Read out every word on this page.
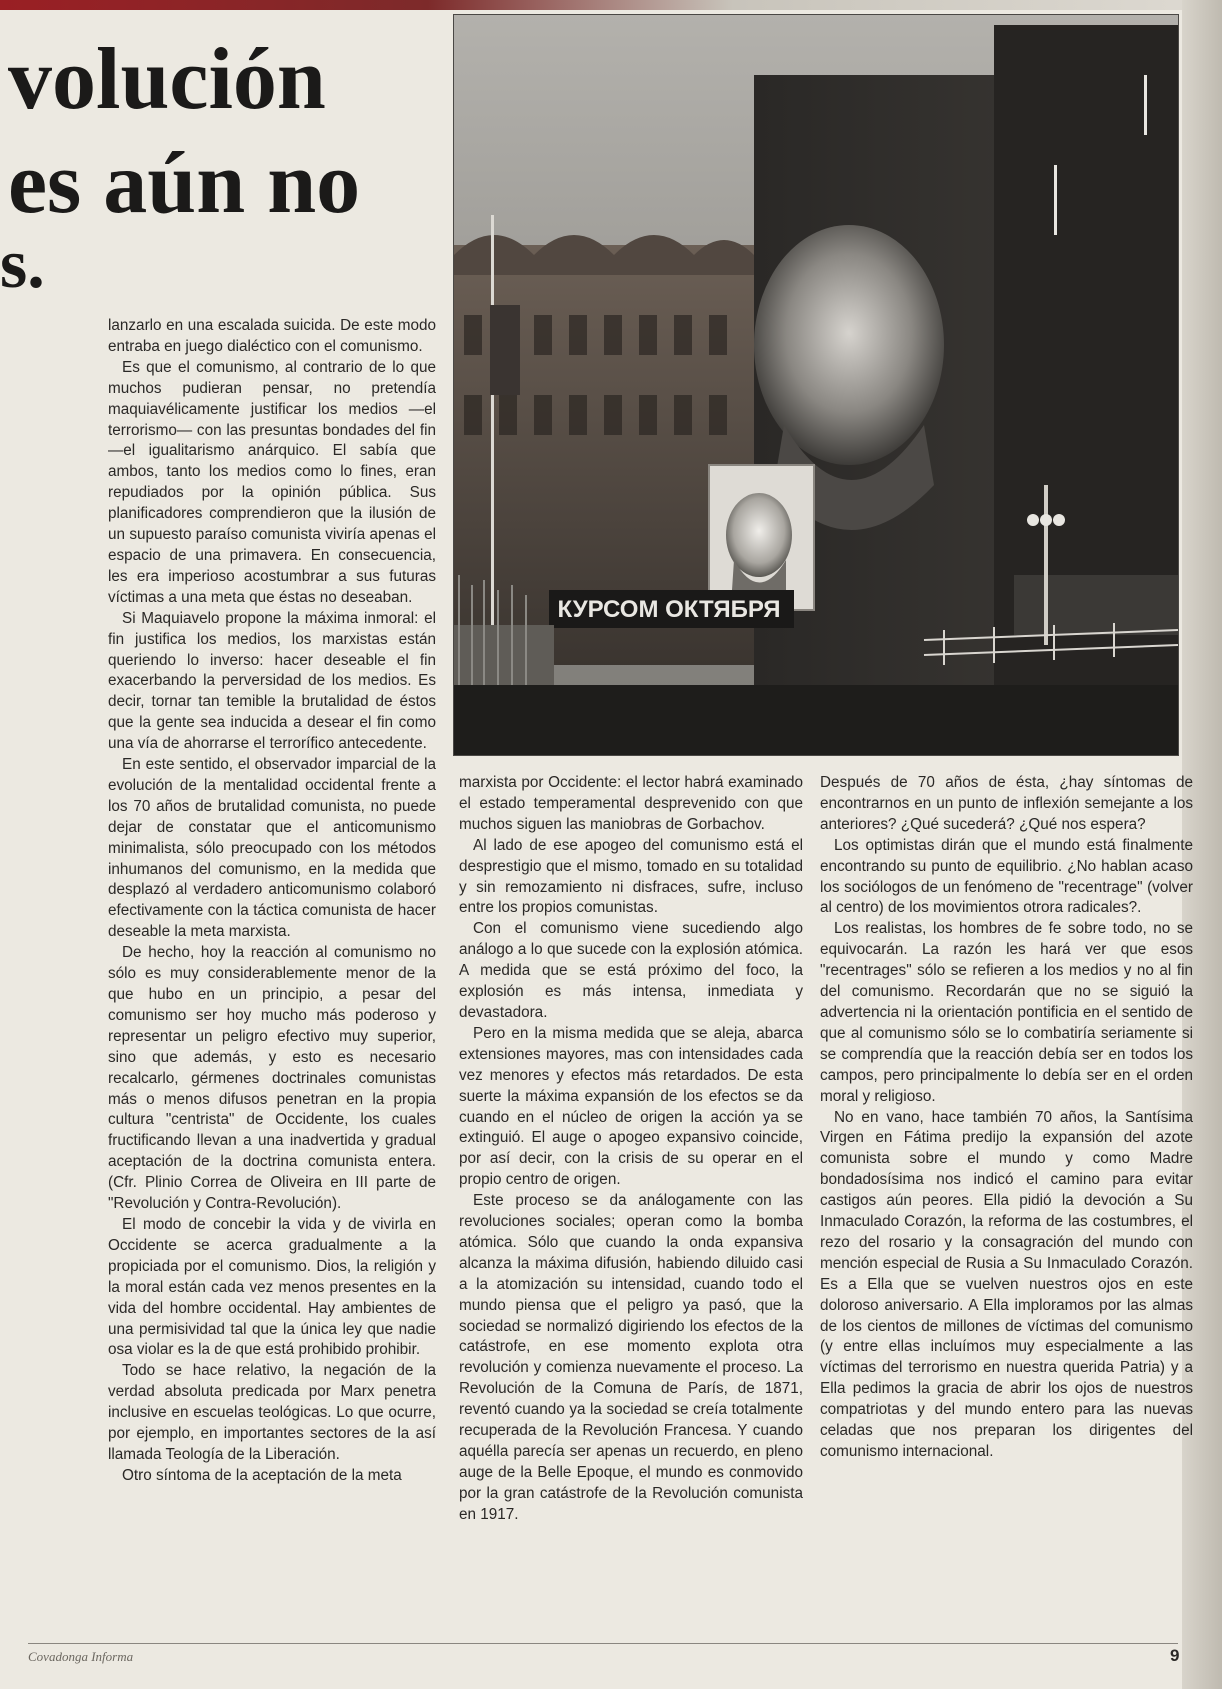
volución
es aún no
s.
КУРСОМ ОКТЯБРЯ

lanzarlo en una escalada suicida. De este modo entraba en juego dialéctico con el comunismo.

Es que el comunismo, al contrario de lo que muchos pudieran pensar, no pretendía maquiavélicamente justificar los medios —el terrorismo— con las presuntas bondades del fin —el igualitarismo anárquico. El sabía que ambos, tanto los medios como lo fines, eran repudiados por la opinión pública. Sus planificadores comprendieron que la ilusión de un supuesto paraíso comunista viviría apenas el espacio de una primavera. En consecuencia, les era imperioso acostumbrar a sus futuras víctimas a una meta que éstas no deseaban.

Si Maquiavelo propone la máxima inmoral: el fin justifica los medios, los marxistas están queriendo lo inverso: hacer deseable el fin exacerbando la perversidad de los medios. Es decir, tornar tan temible la brutalidad de éstos que la gente sea inducida a desear el fin como una vía de ahorrarse el terrorífico antecedente.

En este sentido, el observador imparcial de la evolución de la mentalidad occidental frente a los 70 años de brutalidad comunista, no puede dejar de constatar que el anticomunismo minimalista, sólo preocupado con los métodos inhumanos del comunismo, en la medida que desplazó al verdadero anticomunismo colaboró efectivamente con la táctica comunista de hacer deseable la meta marxista.

De hecho, hoy la reacción al comunismo no sólo es muy considerablemente menor de la que hubo en un principio, a pesar del comunismo ser hoy mucho más poderoso y representar un peligro efectivo muy superior, sino que además, y esto es necesario recalcarlo, gérmenes doctrinales comunistas más o menos difusos penetran en la propia cultura "centrista" de Occidente, los cuales fructificando llevan a una inadvertida y gradual aceptación de la doctrina comunista entera. (Cfr. Plinio Correa de Oliveira en III parte de "Revolución y Contra-Revolución).

El modo de concebir la vida y de vivirla en Occidente se acerca gradualmente a la propiciada por el comunismo. Dios, la religión y la moral están cada vez menos presentes en la vida del hombre occidental. Hay ambientes de una permisividad tal que la única ley que nadie osa violar es la de que está prohibido prohibir.

Todo se hace relativo, la negación de la verdad absoluta predicada por Marx penetra inclusive en escuelas teológicas. Lo que ocurre, por ejemplo, en importantes sectores de la así llamada Teología de la Liberación.

Otro síntoma de la aceptación de la meta

marxista por Occidente: el lector habrá examinado el estado temperamental desprevenido con que muchos siguen las maniobras de Gorbachov.

Al lado de ese apogeo del comunismo está el desprestigio que el mismo, tomado en su totalidad y sin remozamiento ni disfraces, sufre, incluso entre los propios comunistas.

Con el comunismo viene sucediendo algo análogo a lo que sucede con la explosión atómica. A medida que se está próximo del foco, la explosión es más intensa, inmediata y devastadora.

Pero en la misma medida que se aleja, abarca extensiones mayores, mas con intensidades cada vez menores y efectos más retardados. De esta suerte la máxima expansión de los efectos se da cuando en el núcleo de origen la acción ya se extinguió. El auge o apogeo expansivo coincide, por así decir, con la crisis de su operar en el propio centro de origen.

Este proceso se da análogamente con las revoluciones sociales; operan como la bomba atómica. Sólo que cuando la onda expansiva alcanza la máxima difusión, habiendo diluido casi a la atomización su intensidad, cuando todo el mundo piensa que el peligro ya pasó, que la sociedad se normalizó digiriendo los efectos de la catástrofe, en ese momento explota otra revolución y comienza nuevamente el proceso. La Revolución de la Comuna de París, de 1871, reventó cuando ya la sociedad se creía totalmente recuperada de la Revolución Francesa. Y cuando aquélla parecía ser apenas un recuerdo, en pleno auge de la Belle Epoque, el mundo es conmovido por la gran catástrofe de la Revolución comunista en 1917.

Después de 70 años de ésta, ¿hay síntomas de encontrarnos en un punto de inflexión semejante a los anteriores? ¿Qué sucederá? ¿Qué nos espera?

Los optimistas dirán que el mundo está finalmente encontrando su punto de equilibrio. ¿No hablan acaso los sociólogos de un fenómeno de "recentrage" (volver al centro) de los movimientos otrora radicales?.

Los realistas, los hombres de fe sobre todo, no se equivocarán. La razón les hará ver que esos "recentrages" sólo se refieren a los medios y no al fin del comunismo. Recordarán que no se siguió la advertencia ni la orientación pontificia en el sentido de que al comunismo sólo se lo combatiría seriamente si se comprendía que la reacción debía ser en todos los campos, pero principalmente lo debía ser en el orden moral y religioso.

No en vano, hace también 70 años, la Santísima Virgen en Fátima predijo la expansión del azote comunista sobre el mundo y como Madre bondadosísima nos indicó el camino para evitar castigos aún peores. Ella pidió la devoción a Su Inmaculado Corazón, la reforma de las costumbres, el rezo del rosario y la consagración del mundo con mención especial de Rusia a Su Inmaculado Corazón. Es a Ella que se vuelven nuestros ojos en este doloroso aniversario. A Ella imploramos por las almas de los cientos de millones de víctimas del comunismo (y entre ellas incluímos muy especialmente a las víctimas del terrorismo en nuestra querida Patria) y a Ella pedimos la gracia de abrir los ojos de nuestros compatriotas y del mundo entero para las nuevas celadas que nos preparan los dirigentes del comunismo internacional.

Covadonga Informa	9
